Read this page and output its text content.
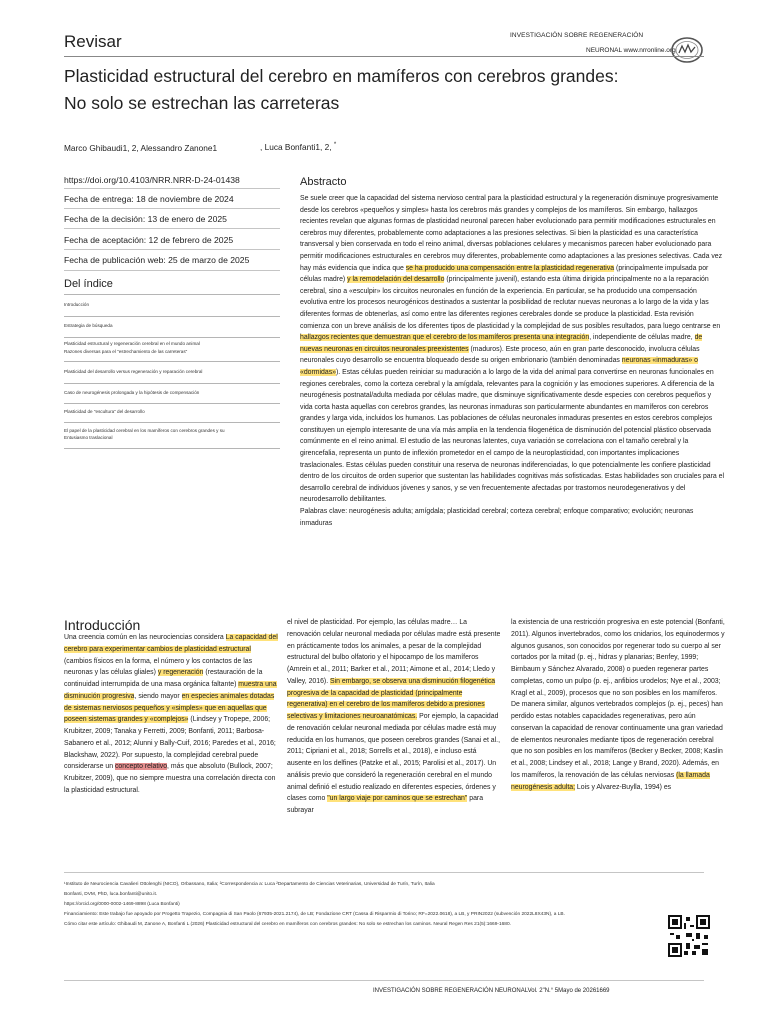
Revisar	INVESTIGACIÓN SOBRE REGENERACIÓN
NEURONAL www.nrronline.org
Plasticidad estructural del cerebro en mamíferos con cerebros grandes:
No solo se estrechan las carreteras
Marco Ghibaudi1, 2, Alessandro Zanone1	, Luca Bonfanti1, 2, *
https://doi.org/10.4103/NRR.NRR-D-24-01438
Fecha de entrega: 18 de noviembre de 2024
Fecha de la decisión: 13 de enero de 2025
Fecha de aceptación: 12 de febrero de 2025
Fecha de publicación web: 25 de marzo de 2025
Del índice
Introducción
Estrategia de búsqueda
Plasticidad estructural y regeneración cerebral en el mundo animal
Razones diversas para el "estrechamiento de las carreteras"
Plasticidad del desarrollo versus regeneración y reparación cerebral
Caso de neurogénesis prolongada y la hipótesis de compensación
Plasticidad de "escultura" del desarrollo
El papel de la plasticidad cerebral en los mamíferos con cerebros grandes y su
Entusiasmo traslacional
Abstracto

Se suele creer que la capacidad del sistema nervioso central para la plasticidad estructural y la regeneración disminuye progresivamente desde los cerebros «pequeños y simples» hasta los cerebros más grandes y complejos de los mamíferos. Sin embargo, hallazgos recientes revelan que algunas formas de plasticidad neuronal parecen haber evolucionado para permitir modificaciones estructurales en cerebros muy diferentes, probablemente como adaptaciones a las presiones selectivas. Si bien la plasticidad es una característica transversal y bien conservada en todo el reino animal, diversas poblaciones celulares y mecanismos parecen haber evolucionado para permitir modificaciones estructurales en cerebros muy diferentes, probablemente como adaptaciones a las presiones selectivas. Cada vez hay más evidencia que indica que se ha producido una compensación entre la plasticidad regenerativa (principalmente impulsada por células madre) y la remodelación del desarrollo (principalmente juvenil), estando esta última dirigida principalmente no a la reparación cerebral, sino a «esculpir» los circuitos neuronales en función de la experiencia. En particular, se ha producido una compensación evolutiva entre los procesos neurogénicos destinados a sustentar la posibilidad de reclutar nuevas neuronas a lo largo de la vida y las diferentes formas de obtenerlas, así como entre las diferentes regiones cerebrales donde se produce la plasticidad. Esta revisión comienza con un breve análisis de los diferentes tipos de plasticidad y la complejidad de sus posibles resultados, para luego centrarse en hallazgos recientes que demuestran que el cerebro de los mamíferos presenta una integración, independiente de células madre, de nuevas neuronas en circuitos neuronales preexistentes (maduros). Este proceso, aún en gran parte desconocido, involucra células neuronales cuyo desarrollo se encuentra bloqueado desde su origen embrionario (también denominadas neuronas «inmaduras» o «dormidas»). Estas células pueden reiniciar su maduración a lo largo de la vida del animal para convertirse en neuronas funcionales en regiones cerebrales, como la corteza cerebral y la amígdala, relevantes para la cognición y las emociones superiores. A diferencia de la neurogénesis postnatal/adulta mediada por células madre, que disminuye significativamente desde especies con cerebros pequeños y vida corta hasta aquellas con cerebros grandes, las neuronas inmaduras son particularmente abundantes en mamíferos con cerebros grandes y larga vida, incluidos los humanos. Las poblaciones de células neuronales inmaduras presentes en estos cerebros complejos constituyen un ejemplo interesante de una vía más amplia en la tendencia filogenética de disminución del potencial plástico observada comúnmente en el reino animal. El estudio de las neuronas latentes, cuya variación se correlaciona con el tamaño cerebral y la girencefalia, representa un punto de inflexión prometedor en el campo de la neuroplasticidad, con importantes implicaciones traslacionales. Estas células pueden constituir una reserva de neuronas indiferenciadas, lo que potencialmente les confiere plasticidad dentro de los circuitos de orden superior que sustentan las habilidades cognitivas más sofisticadas. Estas habilidades son cruciales para el desarrollo cerebral de individuos jóvenes y sanos, y se ven frecuentemente afectadas por trastornos neurodegenerativos y del neurodesarrollo debilitantes.

Palabras clave: neurogénesis adulta; amígdala; plasticidad cerebral; corteza cerebral; enfoque comparativo; evolución; neuronas inmaduras

Introducción
Una creencia común en las neurociencias considera La capacidad del cerebro para experimentar cambios de plasticidad estructural (cambios físicos en la forma, el número y los contactos de las neuronas y las células gliales) y regeneración (restauración de la continuidad interrumpida de una masa orgánica faltante) muestra una disminución progresiva, siendo mayor en especies animales dotadas de sistemas nerviosos pequeños y «simples» que en aquellas que poseen sistemas grandes y «complejos» (Lindsey y Tropepe, 2006; Krubitzer, 2009; Tanaka y Ferretti, 2009; Bonfanti, 2011; Barbosa-Sabanero et al., 2012; Alunni y Bally-Cuif, 2016; Paredes et al., 2016; Blackshaw, 2022). Por supuesto, la complejidad cerebral puede considerarse un concepto relativo, más que absoluto (Bullock, 2007; Krubitzer, 2009), que no siempre muestra una correlación directa con la plasticidad estructural.
el nivel de plasticidad. Por ejemplo, las células madre… La renovación celular neuronal mediada por células madre está presente en prácticamente todos los animales, a pesar de la complejidad estructural del bulbo olfatorio y el hipocampo de los mamíferos (Amrein et al., 2011; Barker et al., 2011; Aimone et al., 2014; Lledo y Valley, 2016). Sin embargo, se observa una disminución filogenética progresiva de la capacidad de plasticidad (principalmente regenerativa) en el cerebro de los mamíferos debido a presiones selectivas y limitaciones neuroanatómicas. Por ejemplo, la capacidad de renovación celular neuronal mediada por células madre está muy reducida en los humanos, que poseen cerebros grandes (Sanai et al., 2011; Cipriani et al., 2018; Sorrells et al., 2018), e incluso está ausente en los delfines (Patzke et al., 2015; Parolisi et al., 2017). Un análisis previo que consideró la regeneración cerebral en el mundo animal definió el estudio realizado en diferentes especies, órdenes y clases como "un largo viaje por caminos que se estrechan" para subrayar
la existencia de una restricción progresiva en este potencial (Bonfanti, 2011). Algunos invertebrados, como los cnidarios, los equinodermos y algunos gusanos, son conocidos por regenerar todo su cuerpo al ser cortados por la mitad (p. ej., hidras y planarias; Benfey, 1999; Birnbaum y Sánchez Alvarado, 2008) o pueden regenerar partes completas, como un pulpo (p. ej., anfibios urodelos; Nye et al., 2003; Kragl et al., 2009), procesos que no son posibles en los mamíferos. De manera similar, algunos vertebrados complejos (p. ej., peces) han perdido estas notables capacidades regenerativas, pero aún conservan la capacidad de renovar continuamente una gran variedad de elementos neuronales mediante tipos de regeneración cerebral que no son posibles en los mamíferos (Becker y Becker, 2008; Kaslin et al., 2008; Lindsey et al., 2018; Lange y Brand, 2020). Además, en los mamíferos, la renovación de las células nerviosas (la llamada neurogénesis adulta; Lois y Alvarez-Buylla, 1994) es

¹Instituto de Neurociencia Cavalieri Ottolenghi (NICO), Orbassano, Italia; ²Correspondencia a: Luca ²Departamento de Ciencias Veterinarias, Universidad de Turín, Turín, Italia

Bonfanti, DVM, PhD, luca.bonfanti@unito.it.

https://orcid.org/0000-0002-1469-8898 (Luca Bonfanti)

Financiamiento: Este trabajo fue apoyado por Progetto Trapezio, Compagnia di San Paolo (67935-2021.2174), de LB; Fondazione CRT (Cassa di Risparmio di Torino; RF=2022.0618), a LB, y PRIN2022 (subvención 2022L8X43N), a LB.

Cómo citar este artículo: Ghibaudi M, Zanone A, Bonfanti L (2026) Plasticidad estructural del cerebro en mamíferos con cerebros grandes: No solo se estrechan los caminos. Neural Regen Res 21(5):1669-1680.

INVESTIGACIÓN SOBRE REGENERACIÓN NEURONALVol. 2"N.° 5Mayo de 20261669
